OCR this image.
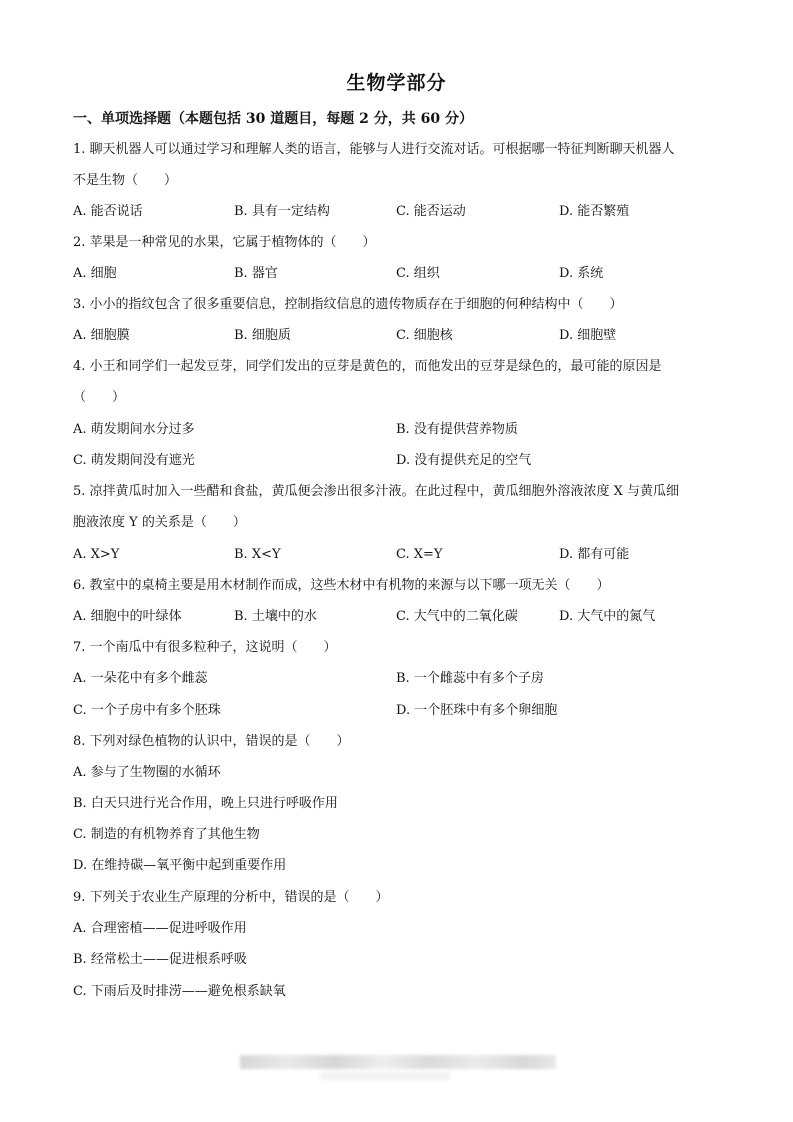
生物学部分
一、单项选择题（本题包括 30 道题目，每题 2 分，共 60 分）
1. 聊天机器人可以通过学习和理解人类的语言，能够与人进行交流对话。可根据哪一特征判断聊天机器人
不是生物（　　）
A. 能否说话	B. 具有一定结构	C. 能否运动	D. 能否繁殖
2. 苹果是一种常见的水果，它属于植物体的（　　）
A. 细胞	B. 器官	C. 组织	D. 系统
3. 小小的指纹包含了很多重要信息，控制指纹信息的遗传物质存在于细胞的何种结构中（　　）
A. 细胞膜	B. 细胞质	C. 细胞核	D. 细胞壁
4. 小王和同学们一起发豆芽，同学们发出的豆芽是黄色的，而他发出的豆芽是绿色的，最可能的原因是
（　　）
A. 萌发期间水分过多	B. 没有提供营养物质
C. 萌发期间没有遮光	D. 没有提供充足的空气
5. 凉拌黄瓜时加入一些醋和食盐，黄瓜便会渗出很多汁液。在此过程中，黄瓜细胞外溶液浓度 X 与黄瓜细
胞液浓度 Y 的关系是（　　）
A. X>Y	B. X<Y	C. X=Y	D. 都有可能
6. 教室中的桌椅主要是用木材制作而成，这些木材中有机物的来源与以下哪一项无关（　　）
A. 细胞中的叶绿体	B. 土壤中的水	C. 大气中的二氧化碳	D. 大气中的氮气
7. 一个南瓜中有很多粒种子，这说明（　　）
A. 一朵花中有多个雌蕊	B. 一个雌蕊中有多个子房
C. 一个子房中有多个胚珠	D. 一个胚珠中有多个卵细胞
8. 下列对绿色植物的认识中，错误的是（　　）
A. 参与了生物圈的水循环
B. 白天只进行光合作用，晚上只进行呼吸作用
C. 制造的有机物养育了其他生物
D. 在维持碳—氧平衡中起到重要作用
9. 下列关于农业生产原理的分析中，错误的是（　　）
A. 合理密植——促进呼吸作用
B. 经常松土——促进根系呼吸
C. 下雨后及时排涝——避免根系缺氧
